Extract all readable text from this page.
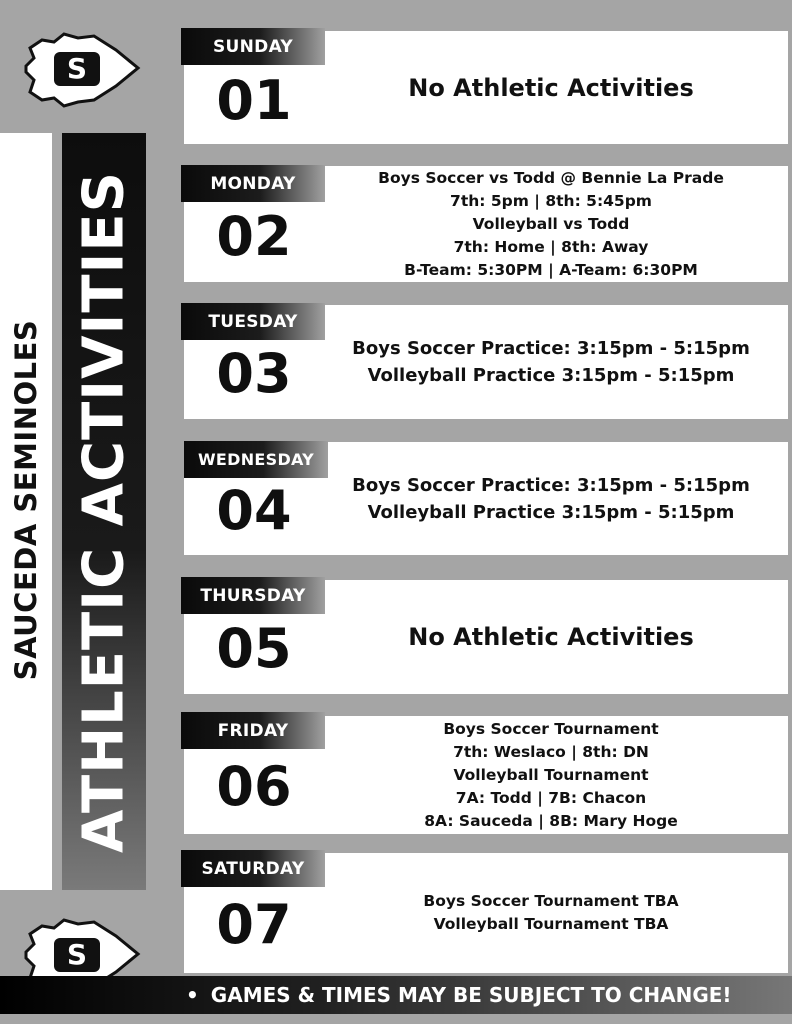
SAUCEDA SEMINOLES ATHLETIC ACTIVITIES
S
S
SUNDAY
01	No Athletic Activities
MONDAY
02
Boys Soccer vs Todd @ Bennie La Prade
7th: 5pm | 8th: 5:45pm
Volleyball vs Todd
7th: Home | 8th: Away
B-Team: 5:30PM | A-Team: 6:30PM
TUESDAY
03	Boys Soccer Practice: 3:15pm - 5:15pm
Volleyball Practice 3:15pm - 5:15pm
WEDNESDAY
04	Boys Soccer Practice: 3:15pm - 5:15pm
Volleyball Practice 3:15pm - 5:15pm
THURSDAY
05	No Athletic Activities
FRIDAY
06
Boys Soccer Tournament
7th: Weslaco | 8th: DN
Volleyball Tournament
7A: Todd | 7B: Chacon
8A: Sauceda | 8B: Mary Hoge
SATURDAY
07	Boys Soccer Tournament TBA
Volleyball Tournament TBA
• GAMES & TIMES MAY BE SUBJECT TO CHANGE!
